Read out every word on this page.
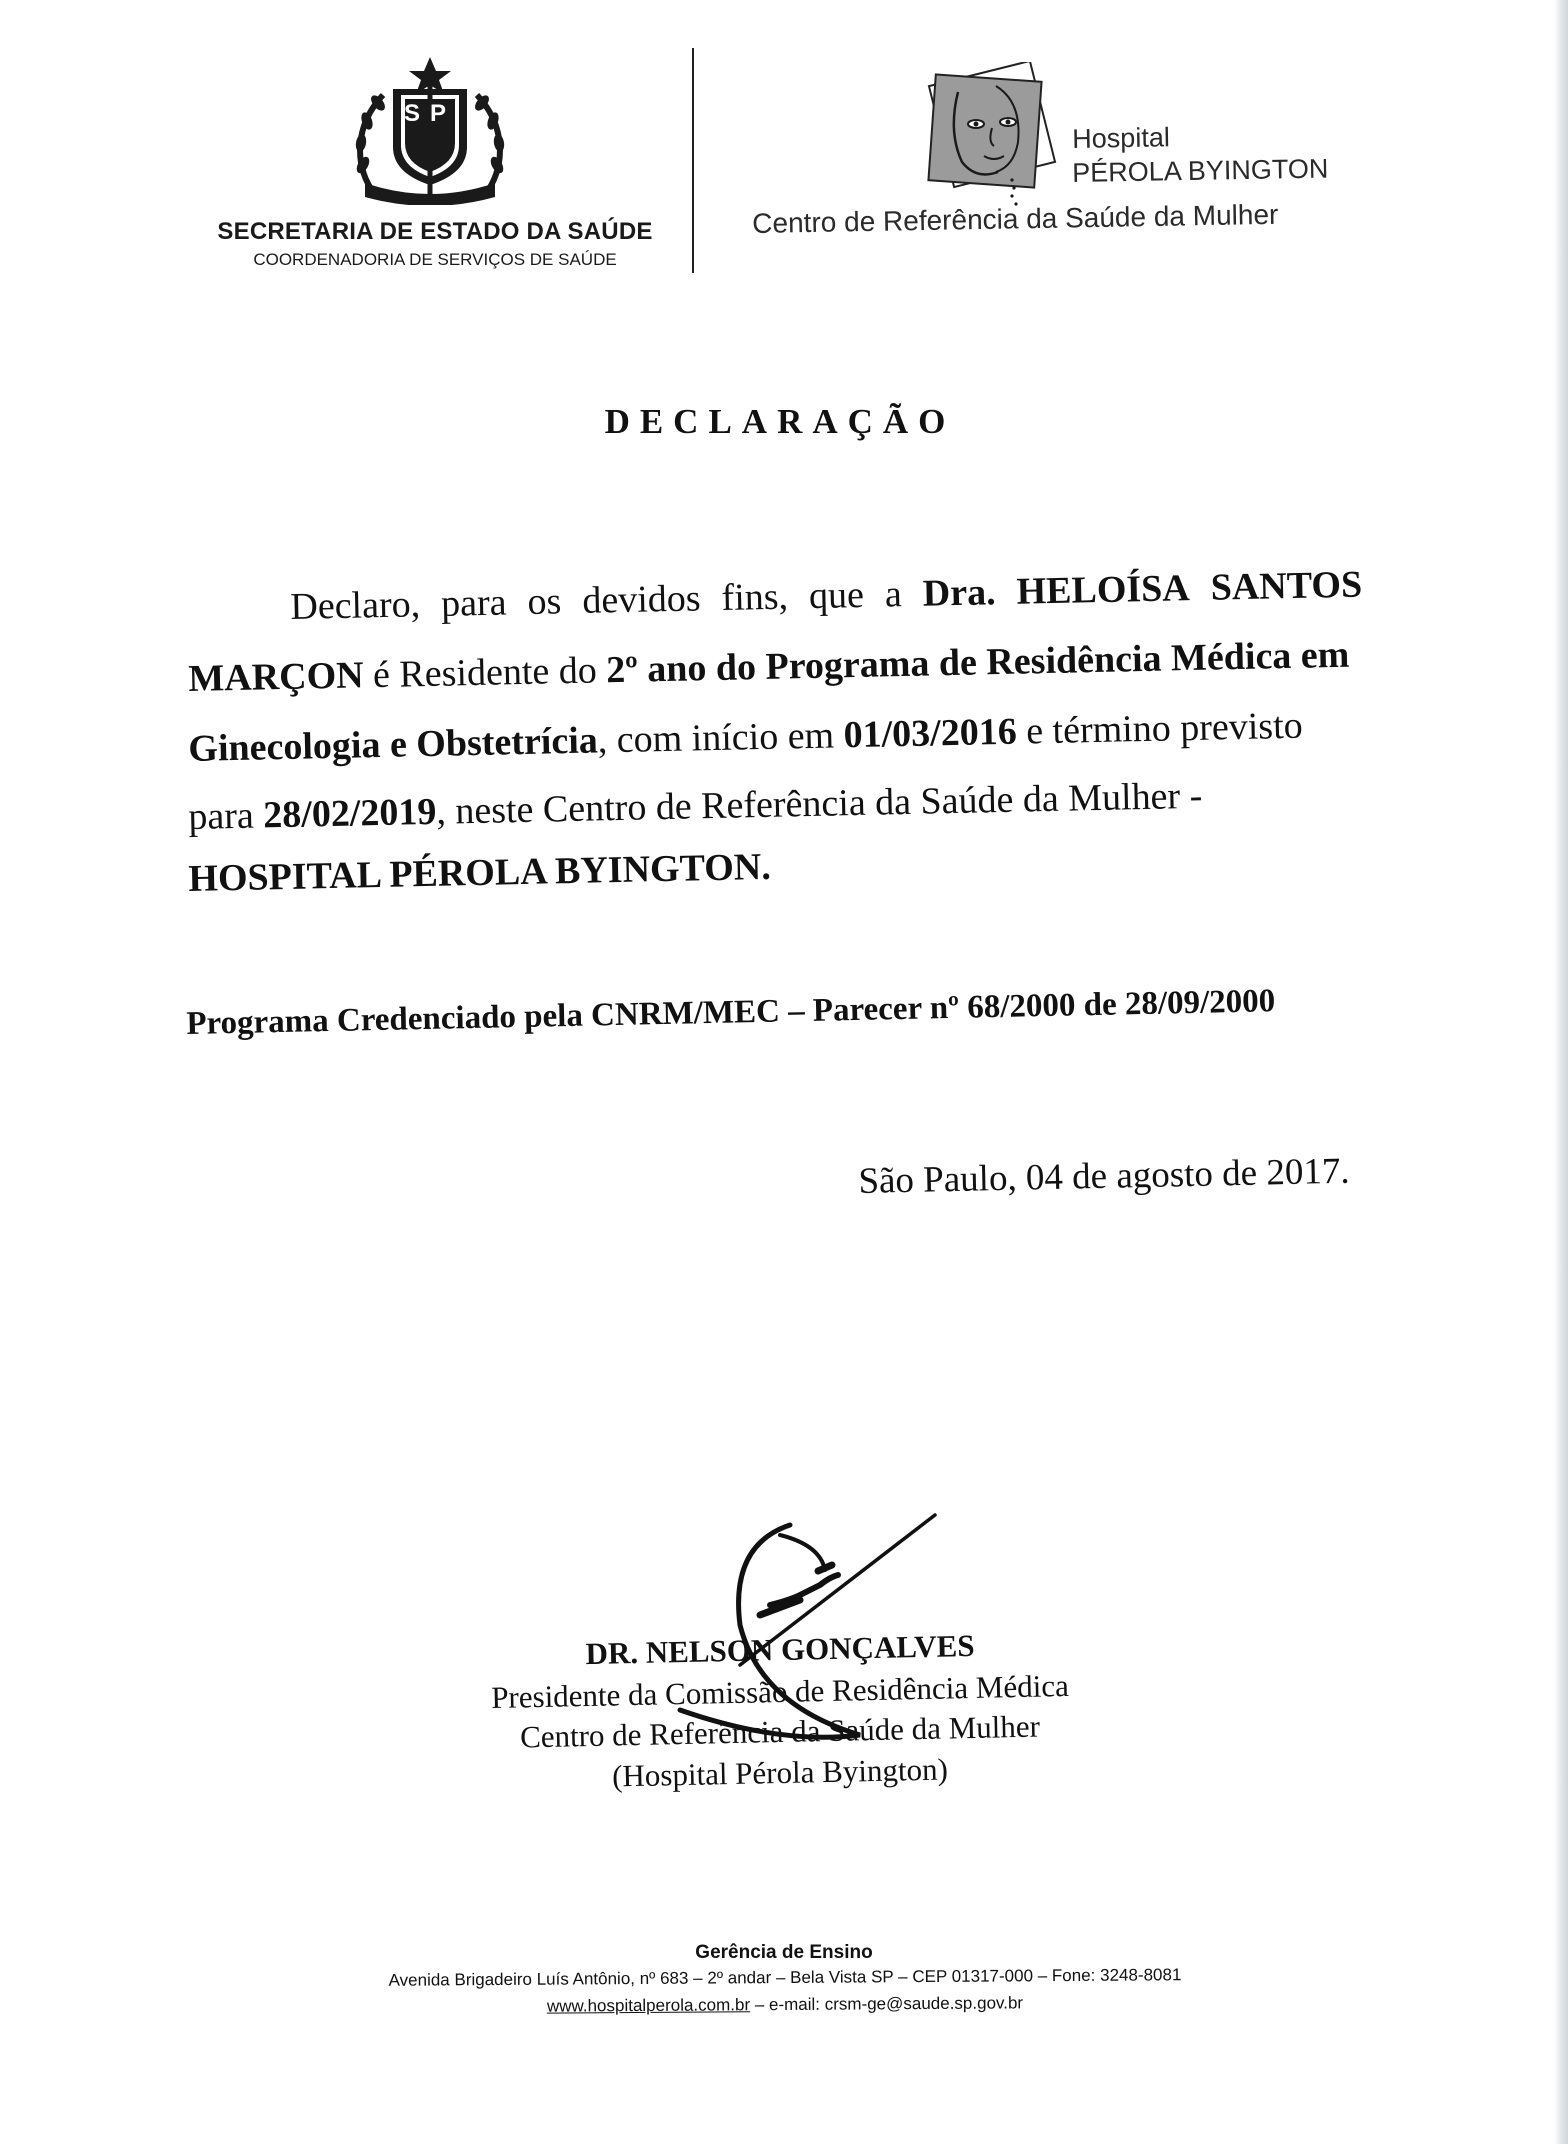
SP
SECRETARIA DE ESTADO DA SAÚDE
COORDENADORIA DE SERVIÇOS DE SAÚDE
Hospital
PÉROLA BYINGTON
Centro de Referência da Saúde da Mulher
DECLARAÇÃO
Declaro, para os devidos fins, que a Dra. HELOÍSA SANTOS
MARÇON é Residente do 2º ano do Programa de Residência Médica em
Ginecologia e Obstetrícia, com início em 01/03/2016 e término previsto
para 28/02/2019, neste Centro de Referência da Saúde da Mulher -
HOSPITAL PÉROLA BYINGTON.
Programa Credenciado pela CNRM/MEC – Parecer nº 68/2000 de 28/09/2000
São Paulo, 04 de agosto de 2017.
DR. NELSON GONÇALVES
Presidente da Comissão de Residência Médica
Centro de Referência da Saúde da Mulher
(Hospital Pérola Byington)
Gerência de Ensino
Avenida Brigadeiro Luís Antônio, nº 683 – 2º andar – Bela Vista SP – CEP 01317-000 – Fone: 3248-8081
www.hospitalperola.com.br – e-mail: crsm-ge@saude.sp.gov.br
